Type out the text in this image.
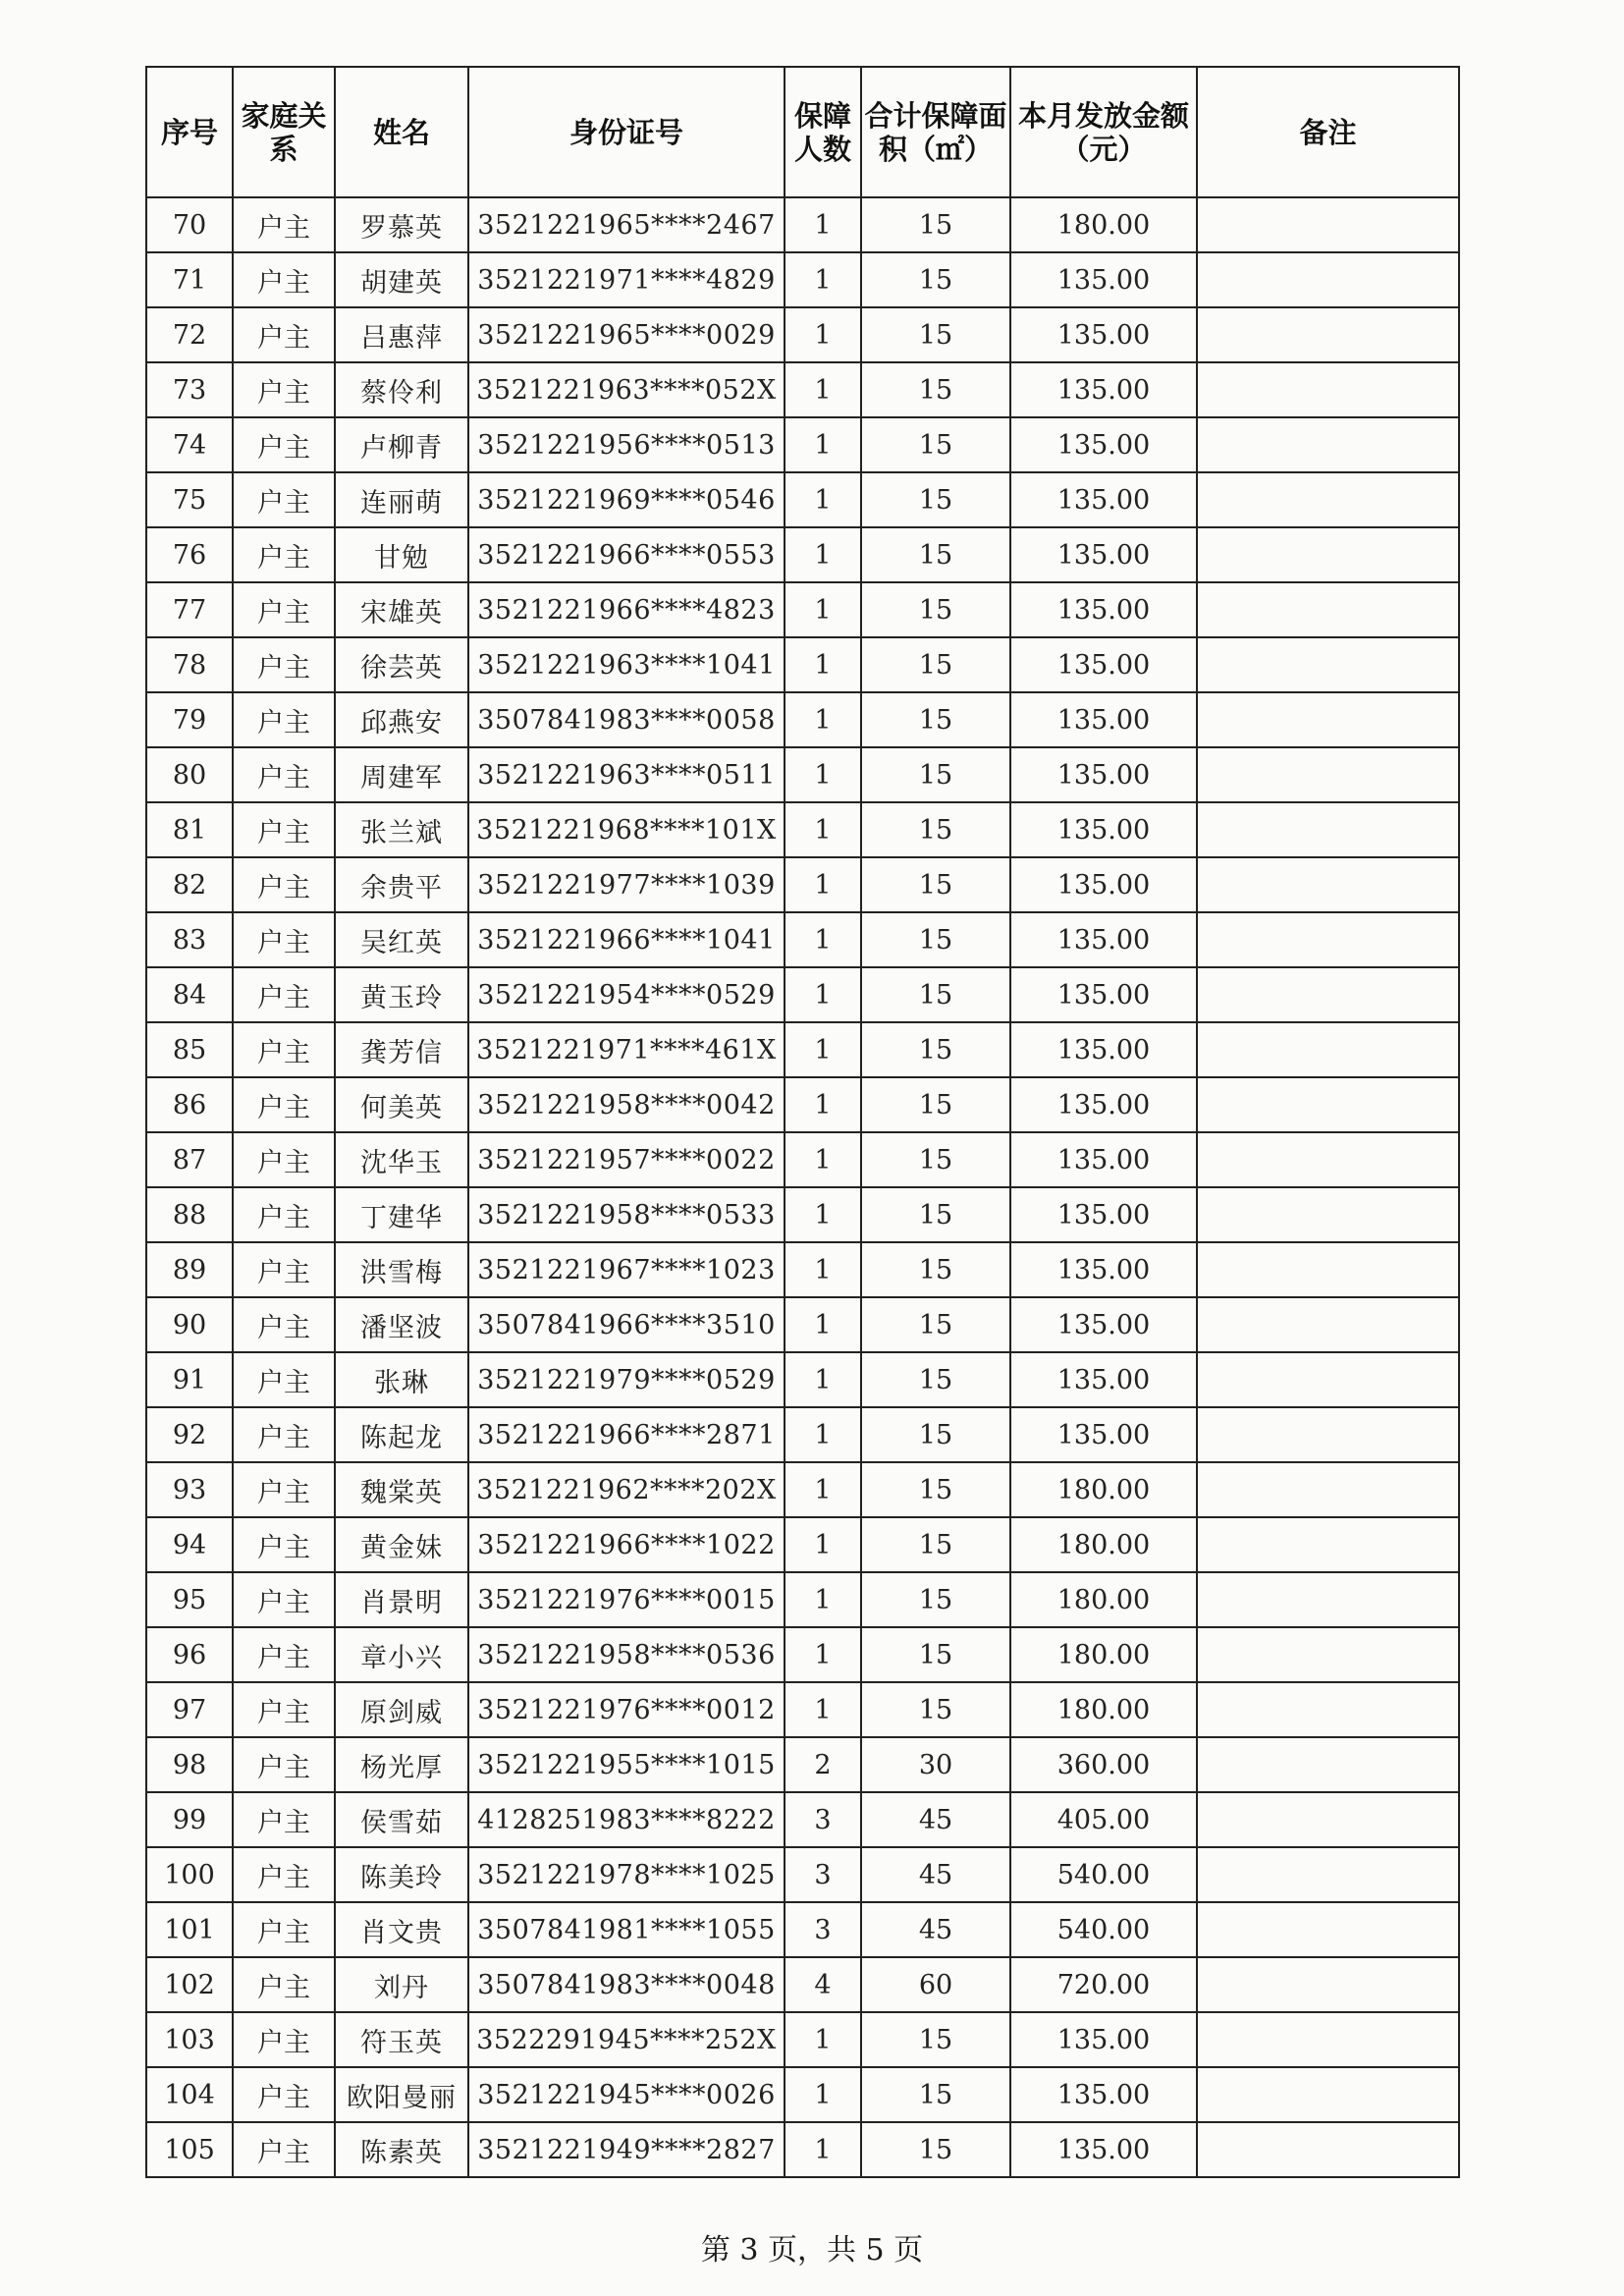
序号	家庭关系	姓名	身份证号	保障人数	合计保障面积（㎡）	本月发放金额（元）	备注
70	户主	罗慕英	3521221965****2467	1	15	180.00	
71	户主	胡建英	3521221971****4829	1	15	135.00	
72	户主	吕惠萍	3521221965****0029	1	15	135.00	
73	户主	蔡伶利	3521221963****052X	1	15	135.00	
74	户主	卢柳青	3521221956****0513	1	15	135.00	
75	户主	连丽萌	3521221969****0546	1	15	135.00	
76	户主	甘勉	3521221966****0553	1	15	135.00	
77	户主	宋雄英	3521221966****4823	1	15	135.00	
78	户主	徐芸英	3521221963****1041	1	15	135.00	
79	户主	邱燕安	3507841983****0058	1	15	135.00	
80	户主	周建军	3521221963****0511	1	15	135.00	
81	户主	张兰斌	3521221968****101X	1	15	135.00	
82	户主	余贵平	3521221977****1039	1	15	135.00	
83	户主	吴红英	3521221966****1041	1	15	135.00	
84	户主	黄玉玲	3521221954****0529	1	15	135.00	
85	户主	龚芳信	3521221971****461X	1	15	135.00	
86	户主	何美英	3521221958****0042	1	15	135.00	
87	户主	沈华玉	3521221957****0022	1	15	135.00	
88	户主	丁建华	3521221958****0533	1	15	135.00	
89	户主	洪雪梅	3521221967****1023	1	15	135.00	
90	户主	潘坚波	3507841966****3510	1	15	135.00	
91	户主	张琳	3521221979****0529	1	15	135.00	
92	户主	陈起龙	3521221966****2871	1	15	135.00	
93	户主	魏棠英	3521221962****202X	1	15	180.00	
94	户主	黄金妹	3521221966****1022	1	15	180.00	
95	户主	肖景明	3521221976****0015	1	15	180.00	
96	户主	章小兴	3521221958****0536	1	15	180.00	
97	户主	原剑威	3521221976****0012	1	15	180.00	
98	户主	杨光厚	3521221955****1015	2	30	360.00	
99	户主	侯雪茹	4128251983****8222	3	45	405.00	
100	户主	陈美玲	3521221978****1025	3	45	540.00	
101	户主	肖文贵	3507841981****1055	3	45	540.00	
102	户主	刘丹	3507841983****0048	4	60	720.00	
103	户主	符玉英	3522291945****252X	1	15	135.00	
104	户主	欧阳曼丽	3521221945****0026	1	15	135.00	
105	户主	陈素英	3521221949****2827	1	15	135.00	
第 3 页，共 5 页
